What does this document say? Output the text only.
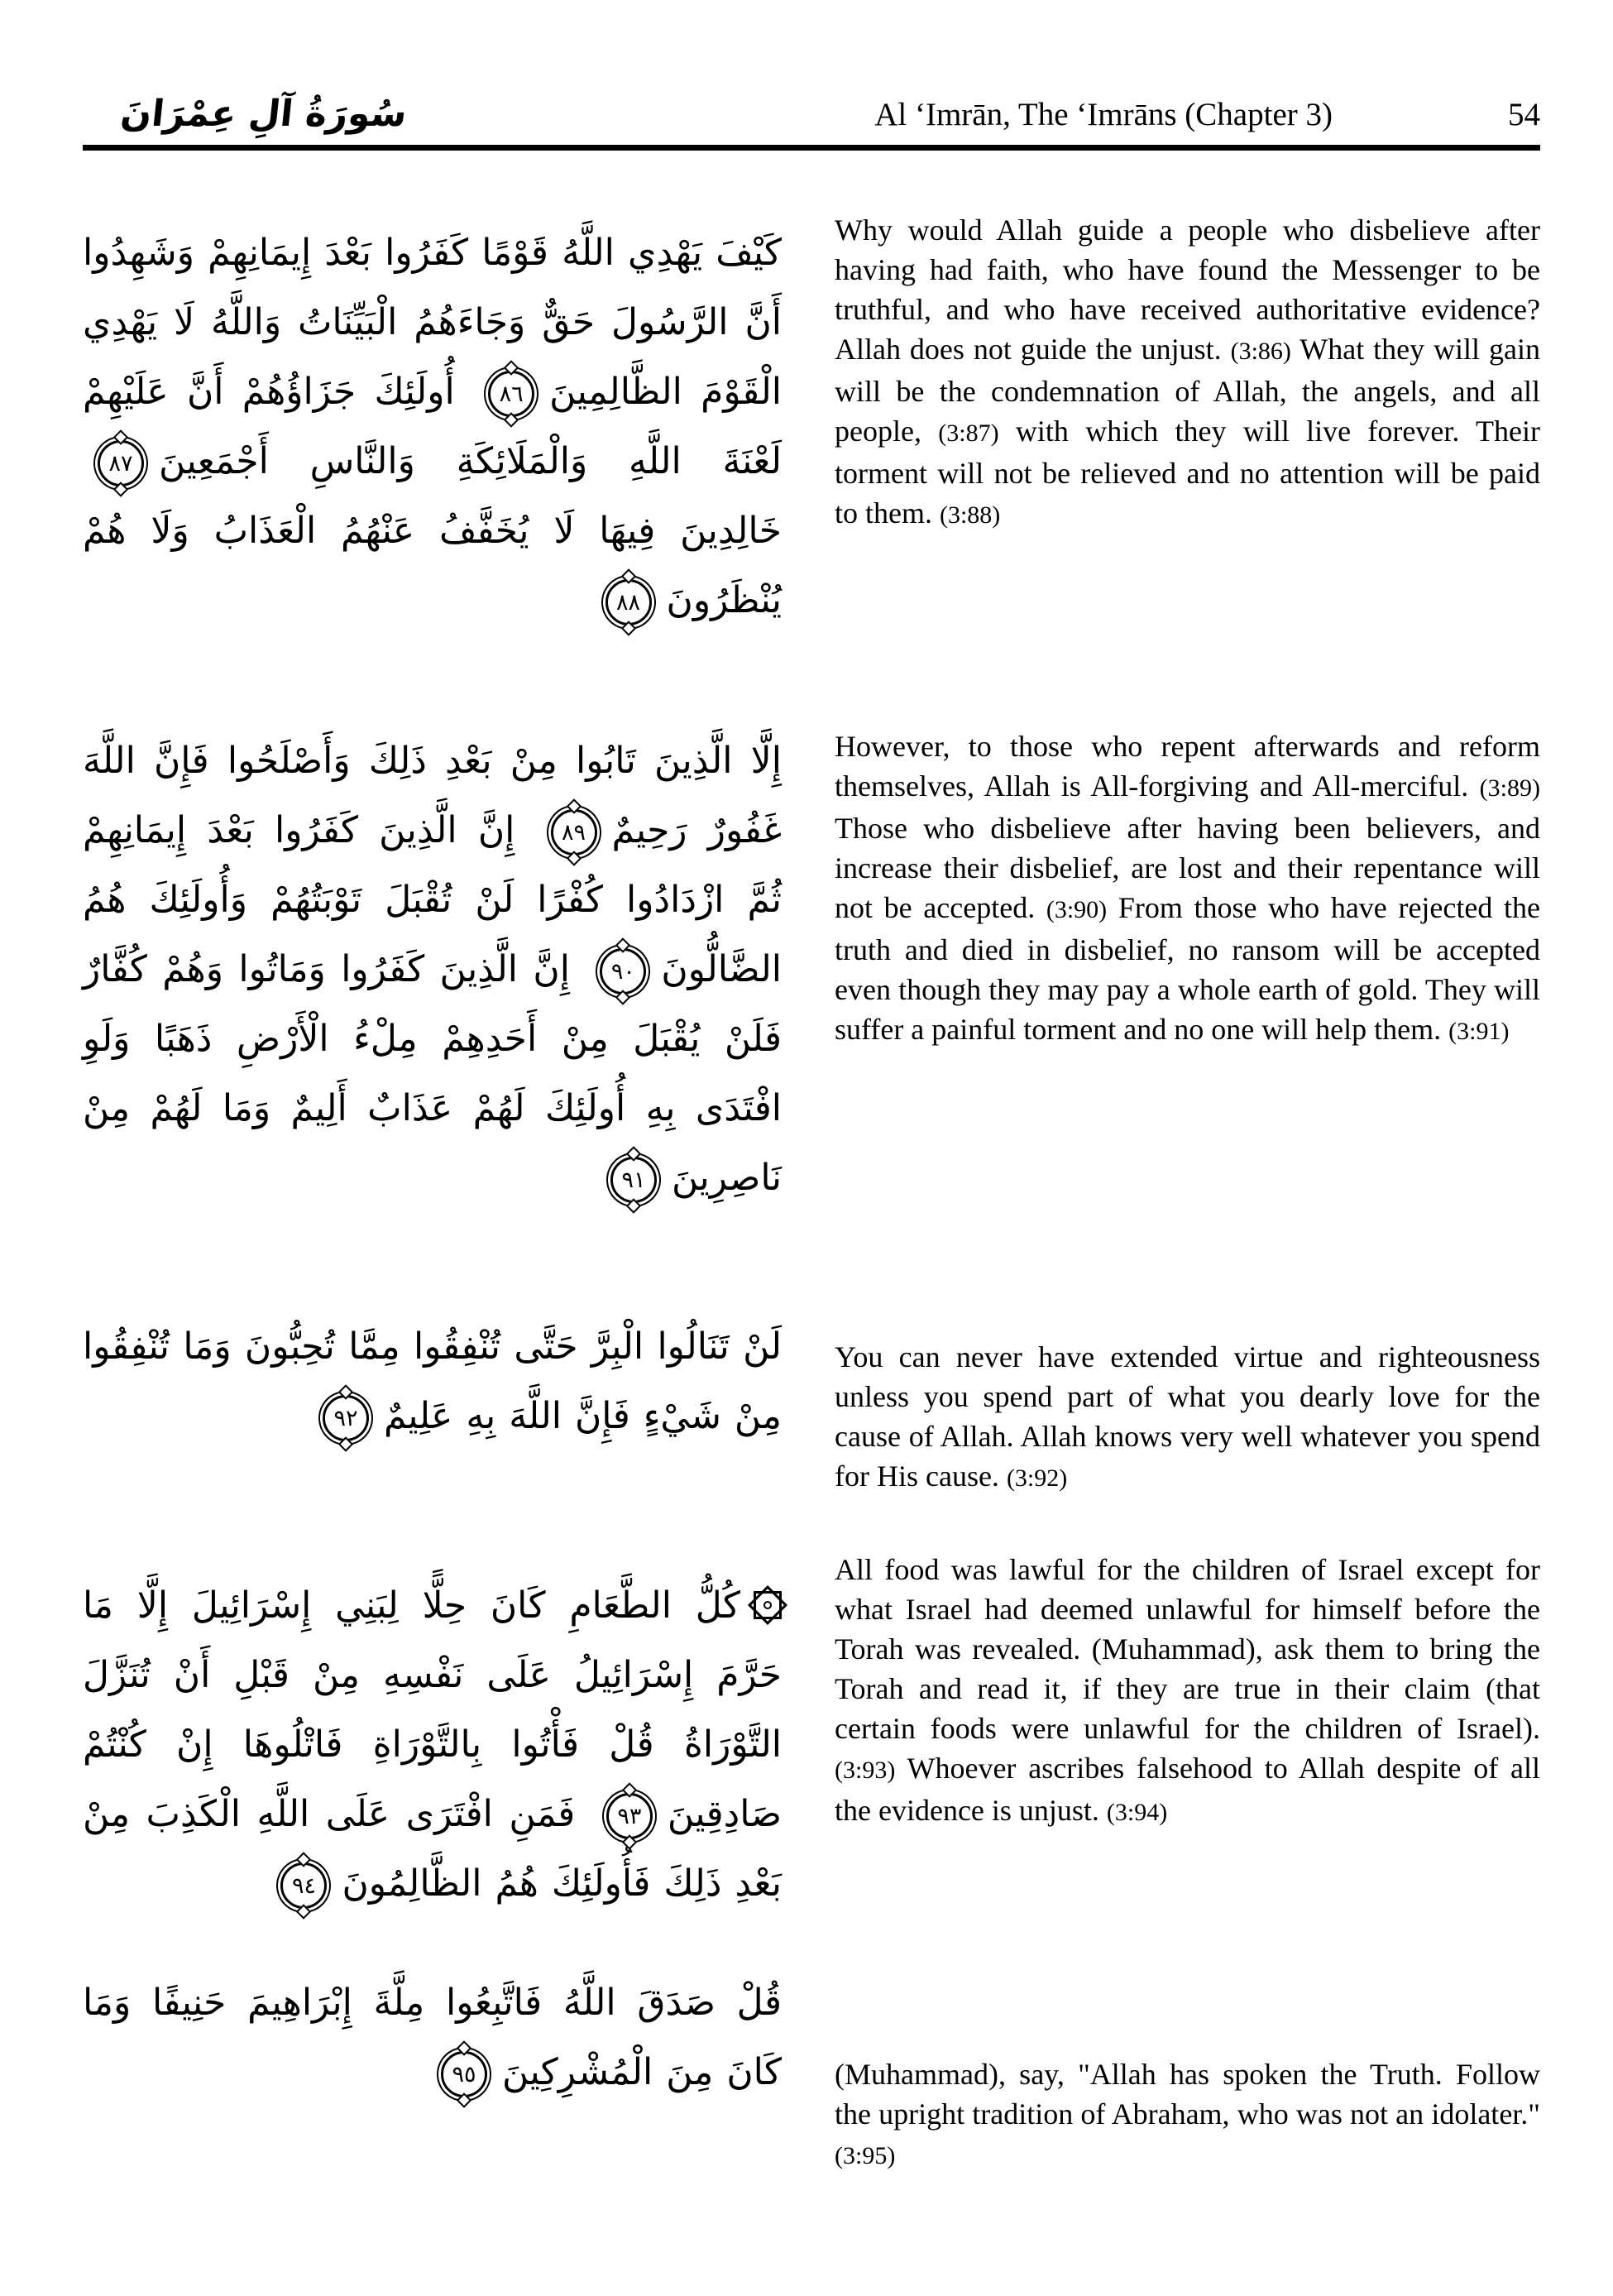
سُورَةُ آلِ عِمْرَانَ	Al ‘Imrān, The ‘Imrāns (Chapter 3)	54

كَيْفَ يَهْدِي اللَّهُ قَوْمًا كَفَرُوا بَعْدَ إِيمَانِهِمْ وَشَهِدُوا أَنَّ الرَّسُولَ حَقٌّ وَجَاءَهُمُ الْبَيِّنَاتُ وَاللَّهُ لَا يَهْدِي الْقَوْمَ الظَّالِمِينَ
٨٦
أُولَئِكَ جَزَاؤُهُمْ أَنَّ عَلَيْهِمْ لَعْنَةَ اللَّهِ وَالْمَلَائِكَةِ وَالنَّاسِ أَجْمَعِينَ
٨٧
خَالِدِينَ فِيهَا لَا يُخَفَّفُ عَنْهُمُ الْعَذَابُ وَلَا هُمْ يُنْظَرُونَ
٨٨

Why would Allah guide a people who disbelieve after having had faith, who have found the Messenger to be truthful, and who have received authoritative evidence? Allah does not guide the unjust. (3:86) What they will gain will be the condemnation of Allah, the angels, and all people, (3:87) with which they will live forever. Their torment will not be relieved and no attention will be paid to them. (3:88)

إِلَّا الَّذِينَ تَابُوا مِنْ بَعْدِ ذَلِكَ وَأَصْلَحُوا فَإِنَّ اللَّهَ غَفُورٌ رَحِيمٌ
٨٩
إِنَّ الَّذِينَ كَفَرُوا بَعْدَ إِيمَانِهِمْ ثُمَّ ازْدَادُوا كُفْرًا لَنْ تُقْبَلَ تَوْبَتُهُمْ وَأُولَئِكَ هُمُ الضَّالُّونَ
٩٠
إِنَّ الَّذِينَ كَفَرُوا وَمَاتُوا وَهُمْ كُفَّارٌ فَلَنْ يُقْبَلَ مِنْ أَحَدِهِمْ مِلْءُ الْأَرْضِ ذَهَبًا وَلَوِ افْتَدَى بِهِ أُولَئِكَ لَهُمْ عَذَابٌ أَلِيمٌ وَمَا لَهُمْ مِنْ نَاصِرِينَ
٩١

However, to those who repent afterwards and reform themselves, Allah is All-forgiving and All-merciful. (3:89) Those who disbelieve after having been believers, and increase their disbelief, are lost and their repentance will not be accepted. (3:90) From those who have rejected the truth and died in disbelief, no ransom will be accepted even though they may pay a whole earth of gold. They will suffer a painful torment and no one will help them. (3:91)

لَنْ تَنَالُوا الْبِرَّ حَتَّى تُنْفِقُوا مِمَّا تُحِبُّونَ وَمَا تُنْفِقُوا مِنْ شَيْءٍ فَإِنَّ اللَّهَ بِهِ عَلِيمٌ
٩٢

You can never have extended virtue and righteousness unless you spend part of what you dearly love for the cause of Allah. Allah knows very well whatever you spend for His cause. (3:92)

كُلُّ الطَّعَامِ كَانَ حِلًّا لِبَنِي إِسْرَائِيلَ إِلَّا مَا حَرَّمَ إِسْرَائِيلُ عَلَى نَفْسِهِ مِنْ قَبْلِ أَنْ تُنَزَّلَ التَّوْرَاةُ قُلْ فَأْتُوا بِالتَّوْرَاةِ فَاتْلُوهَا إِنْ كُنْتُمْ صَادِقِينَ
٩٣
فَمَنِ افْتَرَى عَلَى اللَّهِ الْكَذِبَ مِنْ بَعْدِ ذَلِكَ فَأُولَئِكَ هُمُ الظَّالِمُونَ
٩٤

All food was lawful for the children of Israel except for what Israel had deemed unlawful for himself before the Torah was revealed. (Muhammad), ask them to bring the Torah and read it, if they are true in their claim (that certain foods were unlawful for the children of Israel). (3:93) Whoever ascribes falsehood to Allah despite of all the evidence is unjust. (3:94)

قُلْ صَدَقَ اللَّهُ فَاتَّبِعُوا مِلَّةَ إِبْرَاهِيمَ حَنِيفًا وَمَا كَانَ مِنَ الْمُشْرِكِينَ
٩٥	(Muhammad), say, "Allah has spoken the Truth. Follow the upright tradition of Abraham, who was not an idolater." (3:95)
